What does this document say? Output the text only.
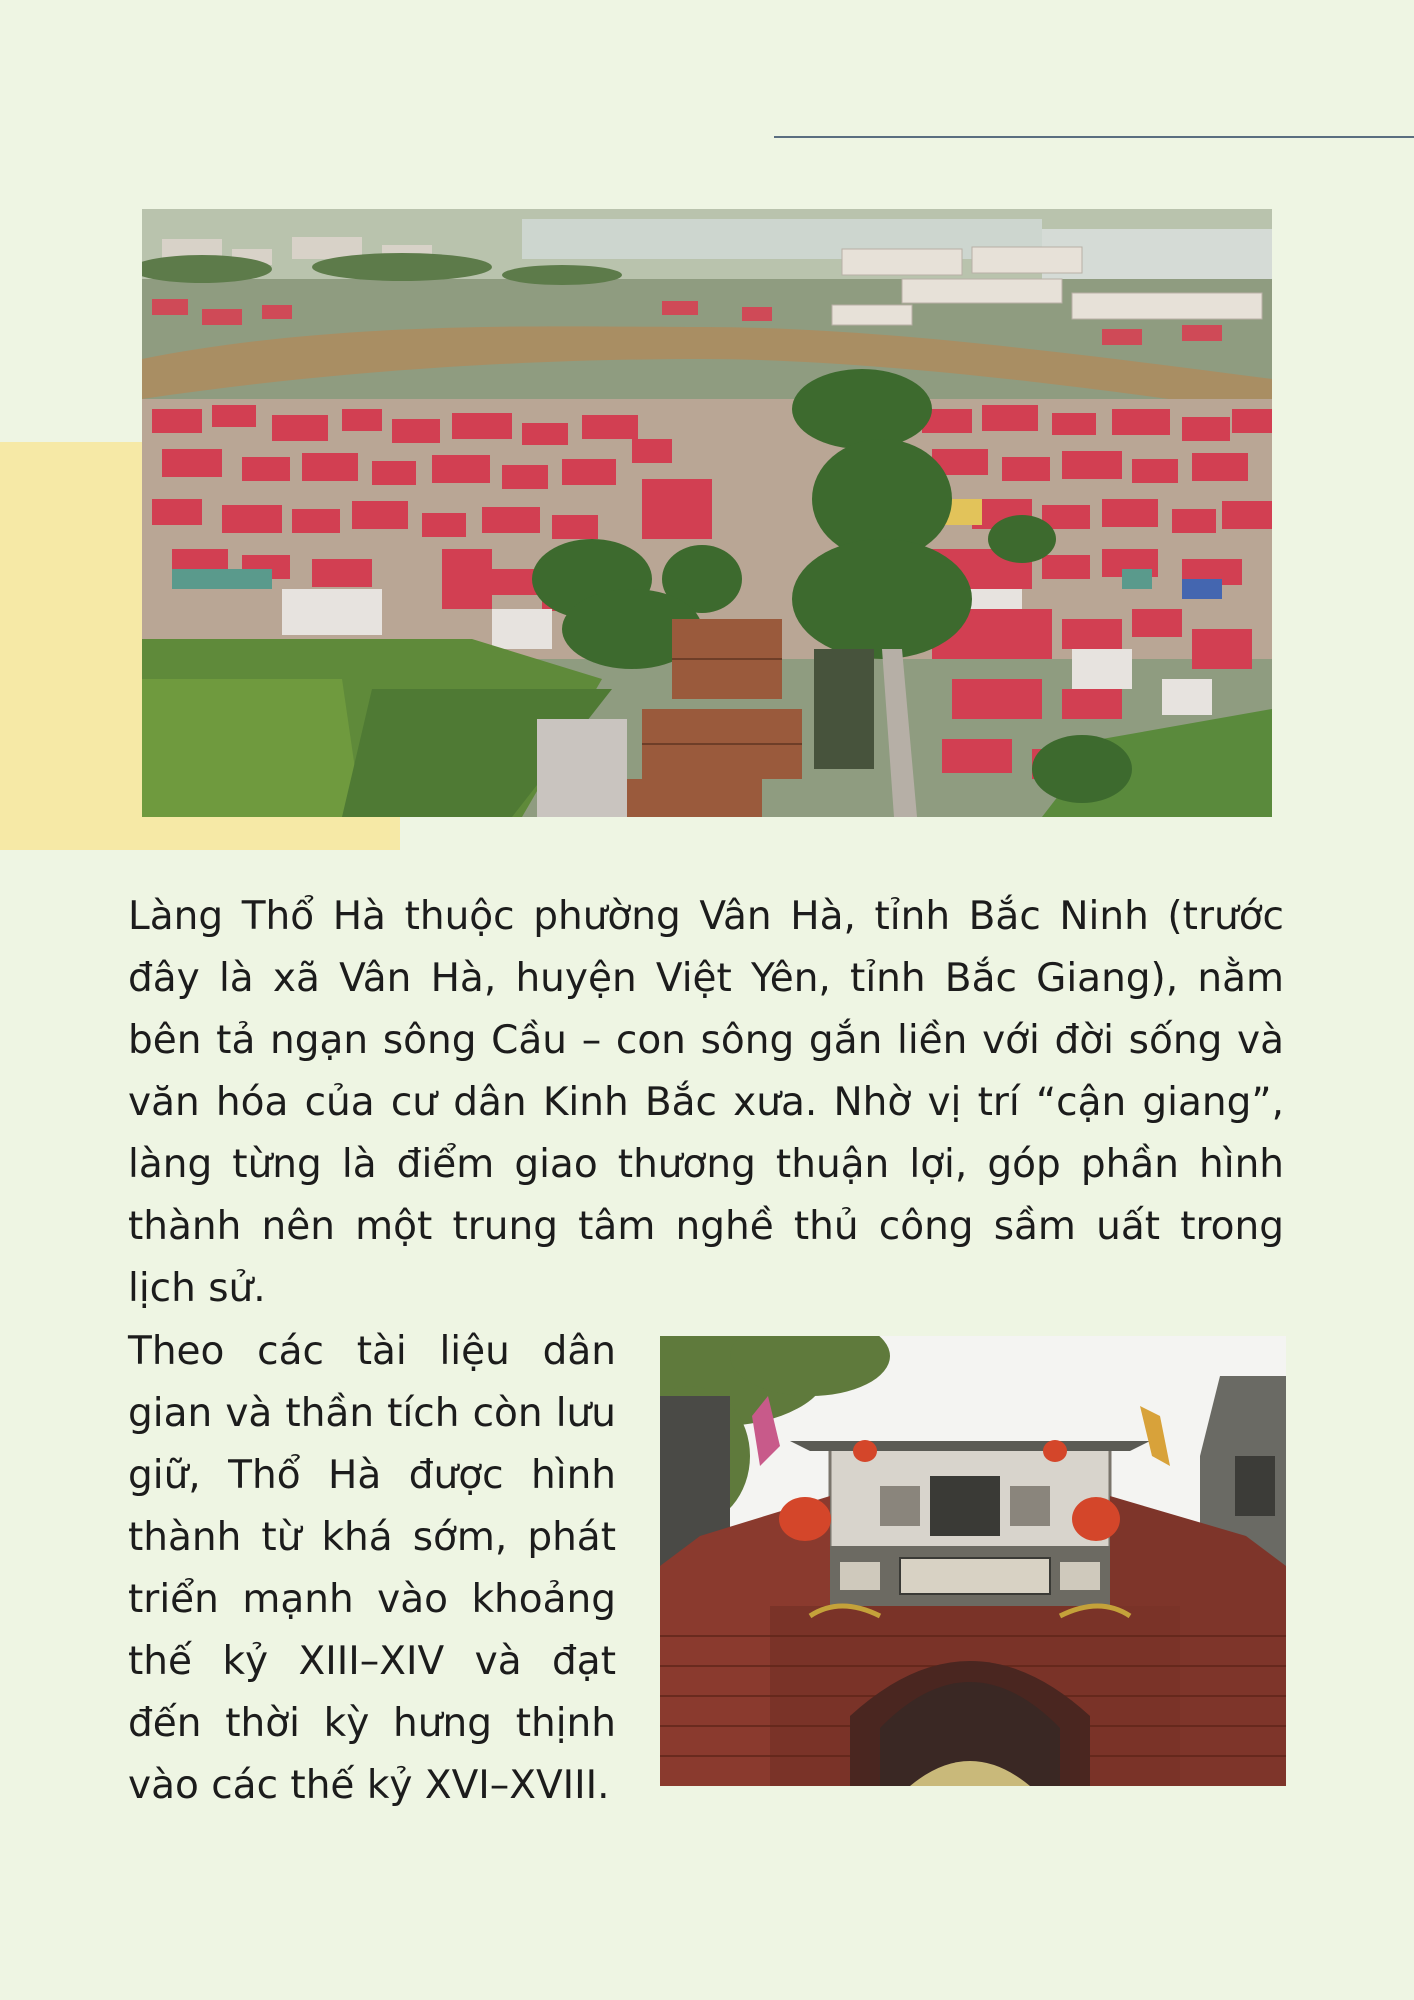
Làng Thổ Hà thuộc phường Vân Hà, tỉnh Bắc Ninh (trước đây là xã Vân Hà, huyện Việt Yên, tỉnh Bắc Giang), nằm bên tả ngạn sông Cầu – con sông gắn liền với đời sống và văn hóa của cư dân Kinh Bắc xưa. Nhờ vị trí “cận giang”, làng từng là điểm giao thương thuận lợi, góp phần hình thành nên một trung tâm nghề thủ công sầm uất trong lịch sử.

Theo các tài liệu dân gian và thần tích còn lưu giữ, Thổ Hà được hình thành từ khá sớm, phát triển mạnh vào khoảng thế kỷ XIII–XIV và đạt đến thời kỳ hưng thịnh vào các thế kỷ XVI–XVIII.
